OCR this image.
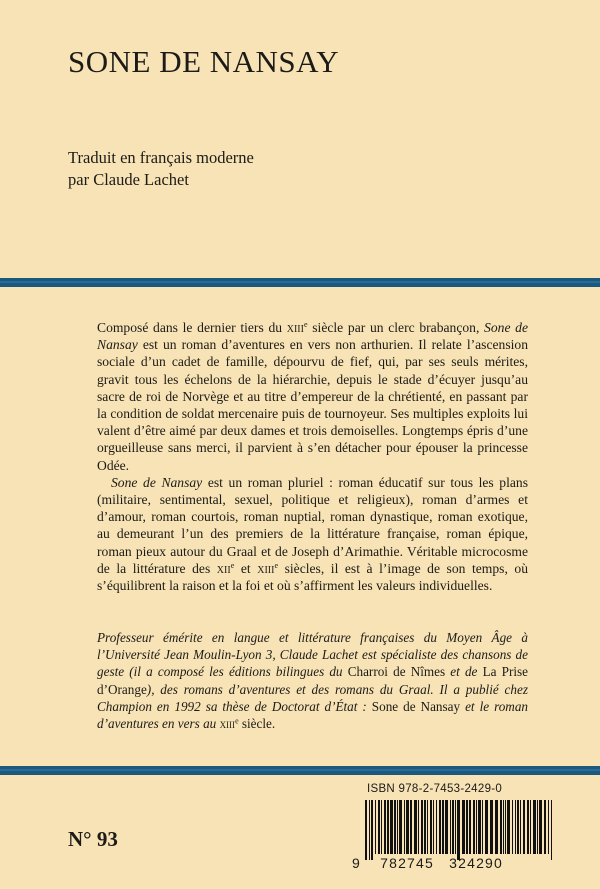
SONE DE NANSAY
Traduit en français moderne
par Claude Lachet

Composé dans le dernier tiers du xiii$^e$ siècle par un clerc brabançon, Sone de Nansay est un roman d’aventures en vers non arthurien. Il relate l’ascension sociale d’un cadet de famille, dépourvu de fief, qui, par ses seuls mérites, gravit tous les échelons de la hiérarchie, depuis le stade d’écuyer jusqu’au sacre de roi de Norvège et au titre d’empereur de la chrétienté, en passant par la condition de soldat mercenaire puis de tournoyeur. Ses multiples exploits lui valent d’être aimé par deux dames et trois demoiselles. Longtemps épris d’une orgueilleuse sans merci, il parvient à s’en détacher pour épouser la princesse Odée.

Sone de Nansay est un roman pluriel : roman éducatif sur tous les plans (militaire, sentimental, sexuel, politique et religieux), roman d’armes et d’amour, roman courtois, roman nuptial, roman dynastique, roman exotique, au demeurant l’un des premiers de la littérature française, roman épique, roman pieux autour du Graal et de Joseph d’Arimathie. Véritable microcosme de la littérature des xii$^e$ et xiii$^e$ siècles, il est à l’image de son temps, où s’équilibrent la raison et la foi et où s’affirment les valeurs individuelles.

Professeur émérite en langue et littérature françaises du Moyen Âge à l’Université Jean Moulin-Lyon 3, Claude Lachet est spécialiste des chansons de geste (il a composé les éditions bilingues du Charroi de Nîmes et de La Prise d’Orange), des romans d’aventures et des romans du Graal. Il a publié chez Champion en 1992 sa thèse de Doctorat d’État : Sone de Nansay et le roman d’aventures en vers au xiii$^e$ siècle.

N° 93
ISBN 978-2-7453-2429-0
9 782745 324290
